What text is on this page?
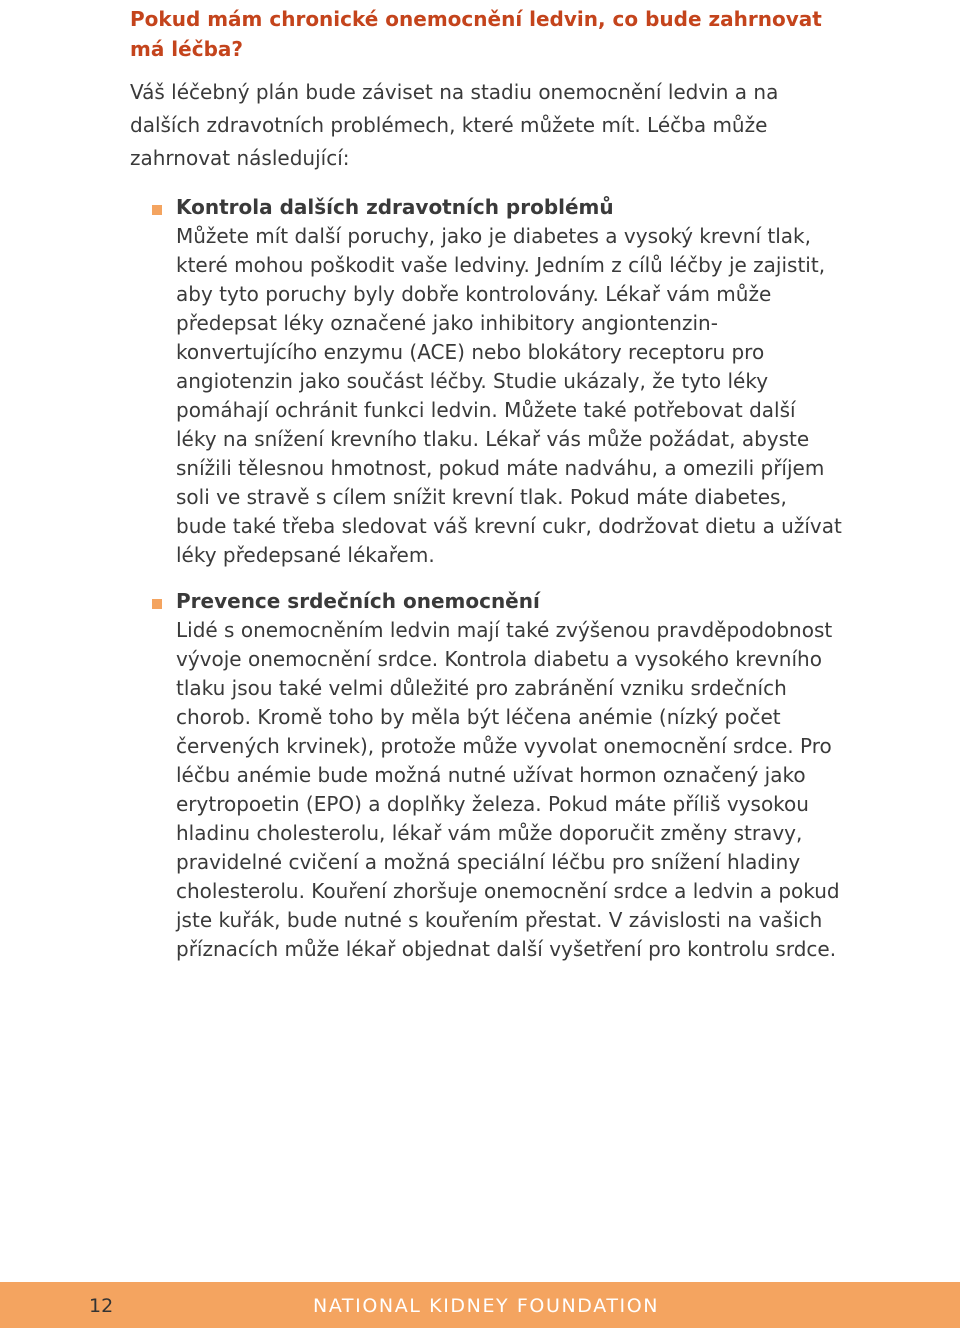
Pokud mám chronické onemocnění ledvin, co bude zahrnovat má léčba?

Váš léčebný plán bude záviset na stadiu onemocnění ledvin a na dalších zdravotních problémech, které můžete mít. Léčba může zahrnovat následující:

Kontrola dalších zdravotních problémů

Můžete mít další poruchy, jako je diabetes a vysoký krevní tlak, které mohou poškodit vaše ledviny. Jedním z cílů léčby je zajistit, aby tyto poruchy byly dobře kontrolovány. Lékař vám může předepsat léky označené jako inhibitory angiontenzin-konvertujícího enzymu (ACE) nebo blokátory receptoru pro angiotenzin jako součást léčby. Studie ukázaly, že tyto léky pomáhají ochránit funkci ledvin. Můžete také potřebovat další léky na snížení krevního tlaku. Lékař vás může požádat, abyste snížili tělesnou hmotnost, pokud máte nadváhu, a omezili příjem soli ve stravě s cílem snížit krevní tlak. Pokud máte diabetes, bude také třeba sledovat váš krevní cukr, dodržovat dietu a užívat léky předepsané lékařem.

Prevence srdečních onemocnění

Lidé s onemocněním ledvin mají také zvýšenou pravděpodobnost vývoje onemocnění srdce. Kontrola diabetu a vysokého krevního tlaku jsou také velmi důležité pro zabránění vzniku srdečních chorob. Kromě toho by měla být léčena anémie (nízký počet červených krvinek), protože může vyvolat onemocnění srdce. Pro léčbu anémie bude možná nutné užívat hormon označený jako erytropoetin (EPO) a doplňky železa. Pokud máte příliš vysokou hladinu cholesterolu, lékař vám může doporučit změny stravy, pravidelné cvičení a možná speciální léčbu pro snížení hladiny cholesterolu. Kouření zhoršuje onemocnění srdce a ledvin a pokud jste kuřák, bude nutné s kouřením přestat. V závislosti na vašich příznacích může lékař objednat další vyšetření pro kontrolu srdce.

12	NATIONAL KIDNEY FOUNDATION
